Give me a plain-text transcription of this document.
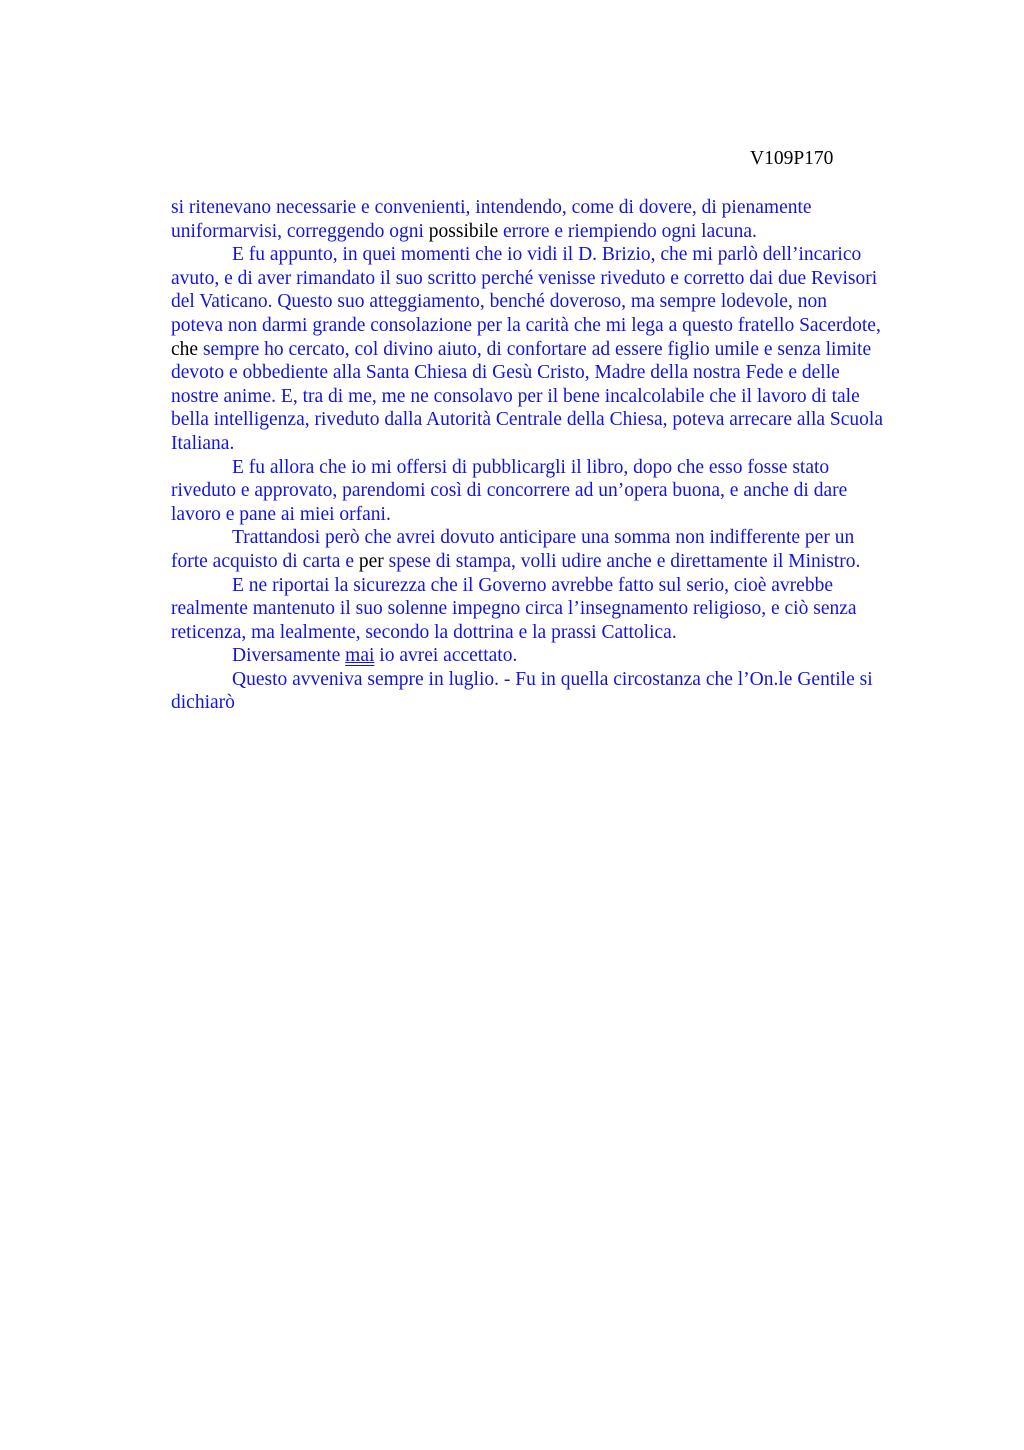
V109P170
si ritenevano necessarie e convenienti, intendendo, come di dovere, di pienamente
uniformarvisi, correggendo ogni possibile errore e riempiendo ogni lacuna.
E fu appunto, in quei momenti che io vidi il D. Brizio, che mi parlò dell’incarico
avuto, e di aver rimandato il suo scritto perché venisse riveduto e corretto dai due Revisori
del Vaticano. Questo suo atteggiamento, benché doveroso, ma sempre lodevole, non
poteva non darmi grande consolazione per la carità che mi lega a questo fratello Sacerdote,
che sempre ho cercato, col divino aiuto, di confortare ad essere figlio umile e senza limite
devoto e obbediente alla Santa Chiesa di Gesù Cristo, Madre della nostra Fede e delle
nostre anime. E, tra di me, me ne consolavo per il bene incalcolabile che il lavoro di tale
bella intelligenza, riveduto dalla Autorità Centrale della Chiesa, poteva arrecare alla Scuola
Italiana.
E fu allora che io mi offersi di pubblicargli il libro, dopo che esso fosse stato
riveduto e approvato, parendomi così di concorrere ad un’opera buona, e anche di dare
lavoro e pane ai miei orfani.
Trattandosi però che avrei dovuto anticipare una somma non indifferente per un
forte acquisto di carta e per spese di stampa, volli udire anche e direttamente il Ministro.
E ne riportai la sicurezza che il Governo avrebbe fatto sul serio, cioè avrebbe
realmente mantenuto il suo solenne impegno circa l’insegnamento religioso, e ciò senza
reticenza, ma lealmente, secondo la dottrina e la prassi Cattolica.
Diversamente mai io avrei accettato.
Questo avveniva sempre in luglio. - Fu in quella circostanza che l’On.le Gentile si
dichiarò
